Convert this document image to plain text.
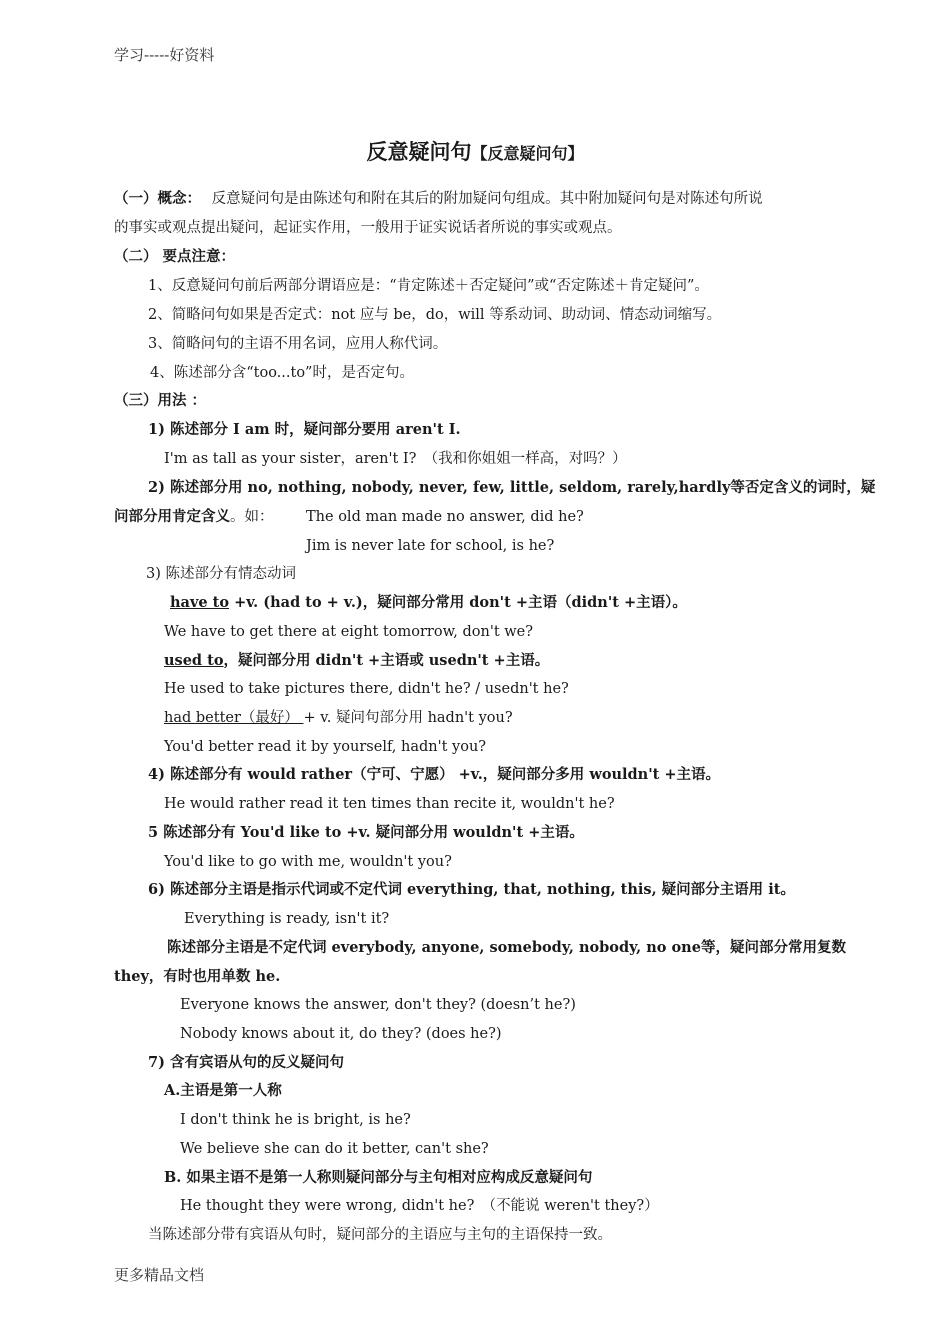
学习-----好资料
反意疑问句【反意疑问句】
（一）概念： 反意疑问句是由陈述句和附在其后的附加疑问句组成。其中附加疑问句是对陈述句所说
的事实或观点提出疑问，起证实作用，一般用于证实说话者所说的事实或观点。
（二） 要点注意：
1、反意疑问句前后两部分谓语应是：“肯定陈述＋否定疑问”或“否定陈述＋肯定疑问”。
2、简略问句如果是否定式：not 应与 be，do，will 等系动词、助动词、情态动词缩写。
3、简略问句的主语不用名词，应用人称代词。
4、陈述部分含“too...to”时，是否定句。
（三）用法 ：
1) 陈述部分 I am 时，疑问部分要用 aren't I.
I'm as tall as your sister，aren't I?　（我和你姐姐一样高，对吗？）
2) 陈述部分用 no, nothing, nobody, never, few, little, seldom, rarely,hardly等否定含义的词时，疑
问部分用肯定含义。如： The old man made no answer, did he?
Jim is never late for school, is he?
3) 陈述部分有情态动词
have to +v. (had to + v.)，疑问部分常用 don't +主语（didn't +主语）。
We have to get there at eight tomorrow, don't we?
used to，疑问部分用 didn't +主语或 usedn't +主语。
He used to take pictures there, didn't he? / usedn't he?
had better（最好） + v. 疑问句部分用 hadn't you?
You'd better read it by yourself, hadn't you?
4) 陈述部分有 would rather（宁可、宁愿） +v.，疑问部分多用 wouldn't +主语。
He would rather read it ten times than recite it, wouldn't he?
5 陈述部分有 You'd like to +v. 疑问部分用 wouldn't +主语。
You'd like to go with me, wouldn't you?
6) 陈述部分主语是指示代词或不定代词 everything, that, nothing, this, 疑问部分主语用 it。
Everything is ready, isn't it?
陈述部分主语是不定代词 everybody, anyone, somebody, nobody, no one等，疑问部分常用复数
they，有时也用单数 he.
Everyone knows the answer, don't they? (doesn’t he?)
Nobody knows about it, do they? (does he?)
7) 含有宾语从句的反义疑问句
A.主语是第一人称
I don't think he is bright, is he?
We believe she can do it better, can't she?
B. 如果主语不是第一人称则疑问部分与主句相对应构成反意疑问句
He thought they were wrong, didn't he?　（不能说 weren't they?）
当陈述部分带有宾语从句时，疑问部分的主语应与主句的主语保持一致。
更多精品文档
